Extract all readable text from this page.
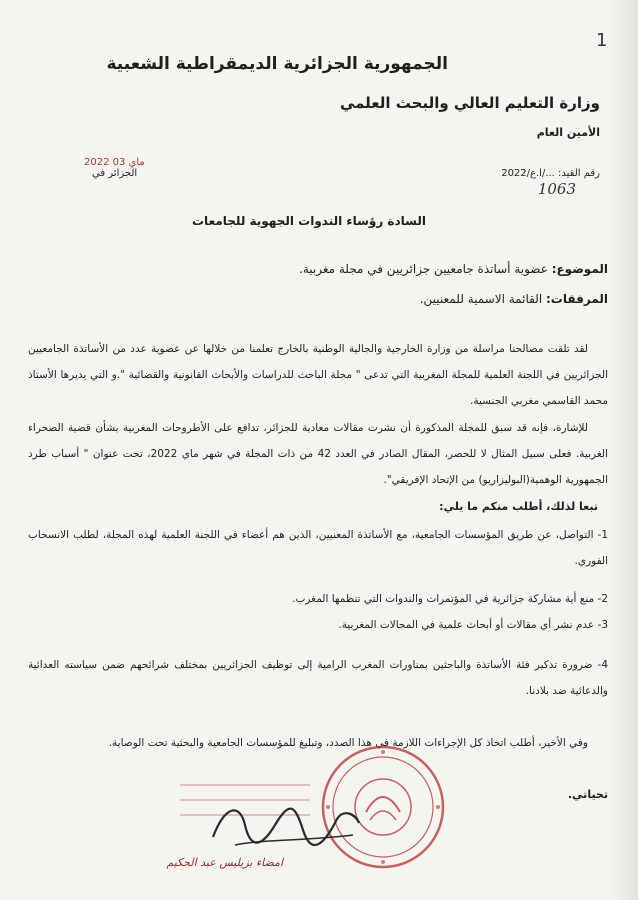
1
الجمهورية الجزائرية الديمقراطية الشعبية
وزارة التعليم العالي والبحث العلمي
الأمين العام
رقم القيد: .../ا.ع/2022
1063
2022 ماي 03
الجزائر في
السادة رؤساء الندوات الجهوية للجامعات
الموضوع: عضوية أساتذة جامعيين جزائريين في مجلة مغربية.
المرفقات: القائمة الاسمية للمعنيين.
لقد تلقت مصالحنا مراسلة من وزارة الخارجية والجالية الوطنية بالخارج تعلمنا من خلالها عن عضوية عدد من الأساتذة الجامعيين الجزائريين في اللجنة العلمية للمجلة المغربية التي تدعى " مجلة الباحث للدراسات والأبحاث القانونية والقضائية ".و التي يديرها الأستاذ محمد القاسمي مغربي الجنسية.
للإشارة، فإنه قد سبق للمجلة المذكورة أن نشرت مقالات معادية للجزائر، تدافع على الأطروحات المغربية بشأن قضية الصحراء الغربية. فعلى سبيل المثال لا للحصر، المقال الصادر في العدد 42 من ذات المجلة في شهر ماي 2022، تحت عنوان " أسباب طرد الجمهورية الوهمية(البوليزاريو) من الإتحاد الإفريقي".
تبعا لذلك، أطلب منكم ما يلي:
1- التواصل، عن طريق المؤسسات الجامعية، مع الأساتذة المعنيين، الذين هم أعضاء في اللجنة العلمية لهذه المجلة، لطلب الانسحاب الفوري.
2- منع أية مشاركة جزائرية في المؤتمرات والندوات التي تنظمها المغرب.
3- عدم نشر أي مقالات أو أبحاث علمية في المجالات المغربية.
4- ضرورة تذكير فئة الأساتذة والباحثين بمناورات المغرب الرامية إلى توظيف الجزائريين بمختلف شرائحهم ضمن سياسته العدائية والدعائية ضد بلادنا.
وفي الأخير، أطلب اتخاذ كل الإجراءات اللازمة في هذا الصدد، وتبليغ للمؤسسات الجامعية والبحثية تحت الوصاية.
تحياتي.
امضاء بزيليس عبد الحكيم
